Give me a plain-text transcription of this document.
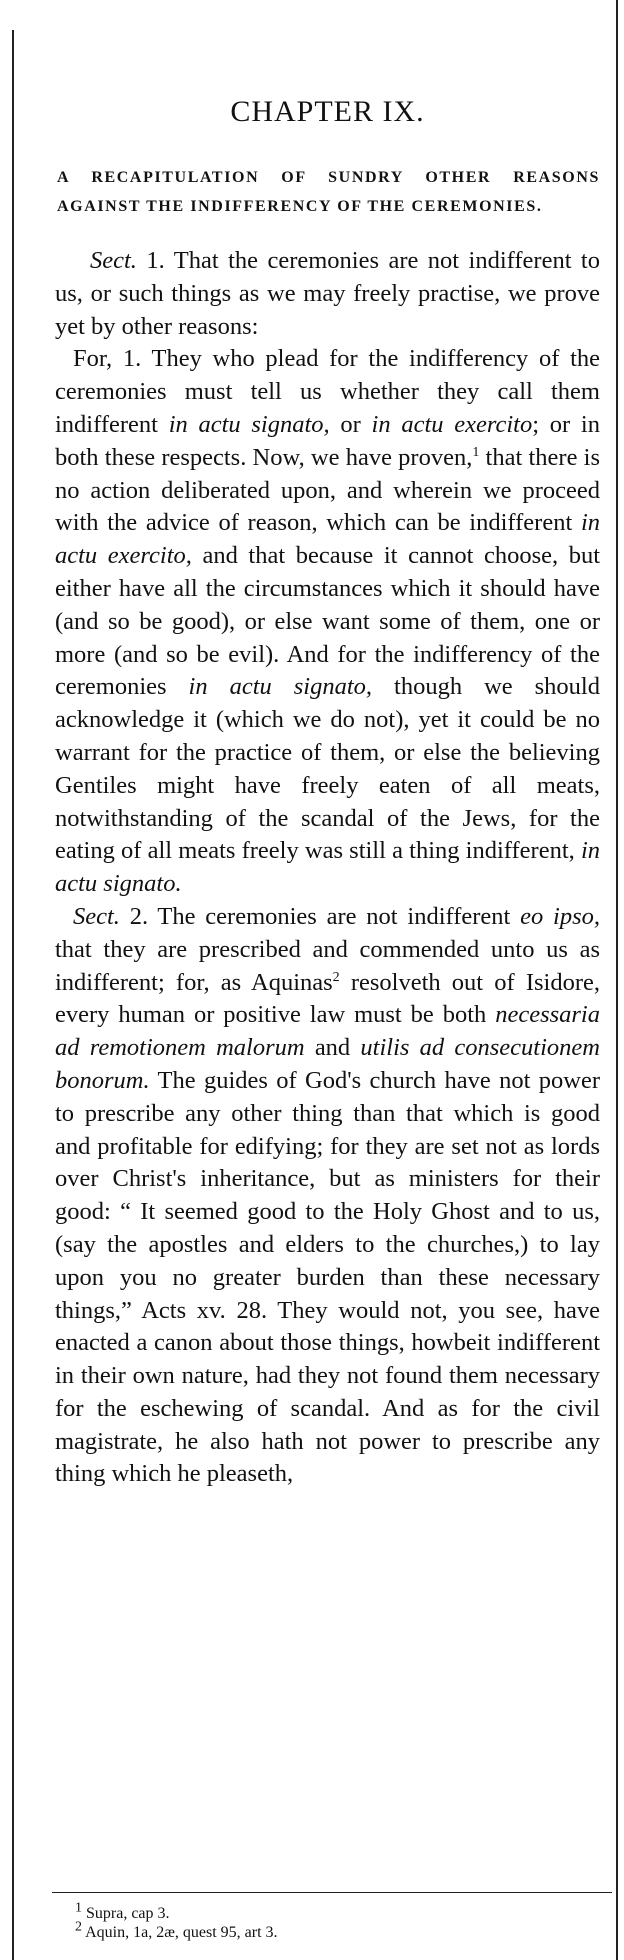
CHAPTER IX.
A RECAPITULATION OF SUNDRY OTHER REASONS AGAINST THE INDIFFERENCY OF THE CEREMONIES.

Sect. 1. That the ceremonies are not indifferent to us, or such things as we may freely practise, we prove yet by other reasons:

For, 1. They who plead for the indifferency of the ceremonies must tell us whether they call them indifferent in actu signato, or in actu exercito; or in both these respects. Now, we have proven,$^1$ that there is no action deliberated upon, and wherein we proceed with the advice of reason, which can be indifferent in actu exercito, and that because it cannot choose, but either have all the circumstances which it should have (and so be good), or else want some of them, one or more (and so be evil). And for the indifferency of the ceremonies in actu signato, though we should acknowledge it (which we do not), yet it could be no warrant for the practice of them, or else the believing Gentiles might have freely eaten of all meats, notwithstanding of the scandal of the Jews, for the eating of all meats freely was still a thing indifferent, in actu signato.

Sect. 2. The ceremonies are not indifferent eo ipso, that they are prescribed and commended unto us as indifferent; for, as Aquinas$^2$ resolveth out of Isidore, every human or positive law must be both necessaria ad remotionem malorum and utilis ad consecutionem bonorum. The guides of God's church have not power to prescribe any other thing than that which is good and profitable for edifying; for they are set not as lords over Christ's inheritance, but as ministers for their good: “ It seemed good to the Holy Ghost and to us, (say the apostles and elders to the churches,) to lay upon you no greater burden than these necessary things,” Acts xv. 28. They would not, you see, have enacted a canon about those things, howbeit indifferent in their own nature, had they not found them necessary for the eschewing of scandal. And as for the civil magistrate, he also hath not power to prescribe any thing which he pleaseth,

$^1$ Supra, cap 3.

$^2$ Aquin, 1a, 2æ, quest 95, art 3.
